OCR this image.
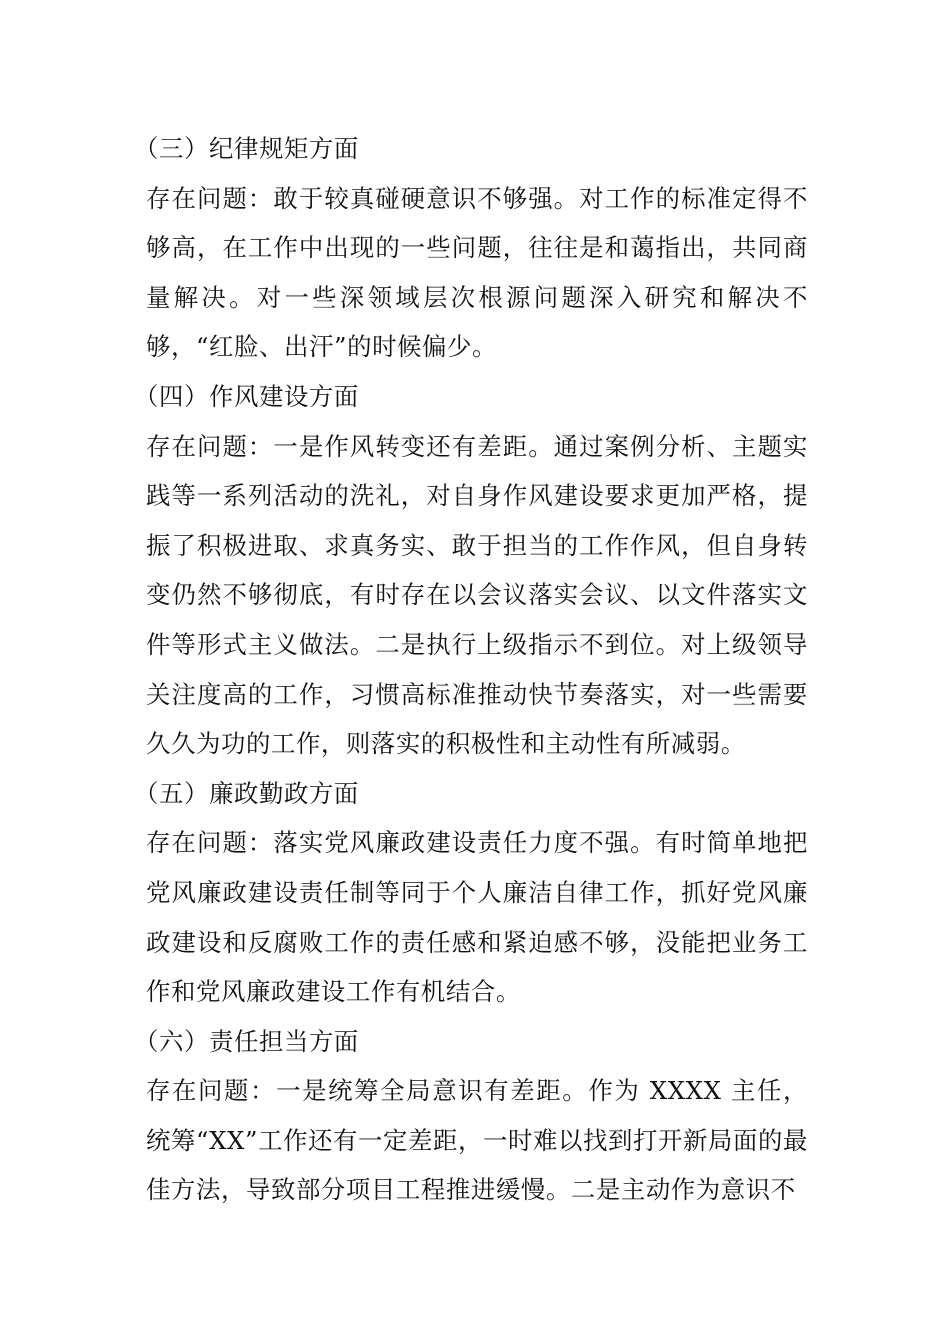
（三）纪律规矩方面

存在问题：敢于较真碰硬意识不够强。对工作的标准定得不够高，在工作中出现的一些问题，往往是和蔼指出，共同商量解决。对一些深领域层次根源问题深入研究和解决不够，“红脸、出汗”的时候偏少。

（四）作风建设方面

存在问题：一是作风转变还有差距。通过案例分析、主题实践等一系列活动的洗礼，对自身作风建设要求更加严格，提振了积极进取、求真务实、敢于担当的工作作风，但自身转变仍然不够彻底，有时存在以会议落实会议、以文件落实文件等形式主义做法。二是执行上级指示不到位。对上级领导关注度高的工作，习惯高标准推动快节奏落实，对一些需要久久为功的工作，则落实的积极性和主动性有所减弱。

（五）廉政勤政方面

存在问题：落实党风廉政建设责任力度不强。有时简单地把党风廉政建设责任制等同于个人廉洁自律工作，抓好党风廉政建设和反腐败工作的责任感和紧迫感不够，没能把业务工作和党风廉政建设工作有机结合。

（六）责任担当方面

存在问题：一是统筹全局意识有差距。作为 XXXX 主任，统筹“XX”工作还有一定差距，一时难以找到打开新局面的最佳方法，导致部分项目工程推进缓慢。二是主动作为意识不
